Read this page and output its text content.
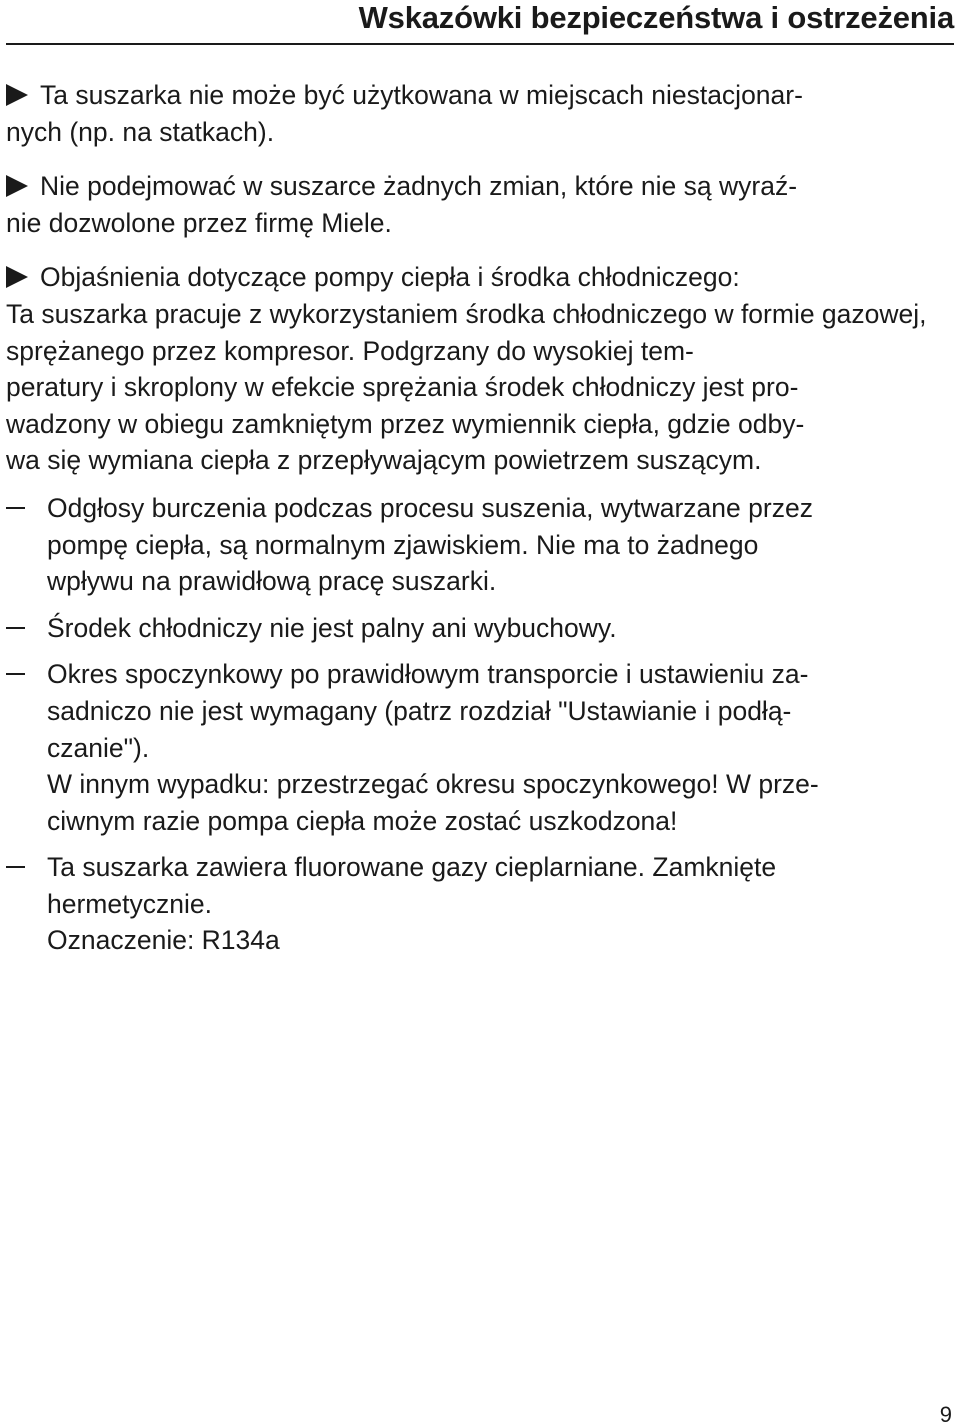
Wskazówki bezpieczeństwa i ostrzeżenia

Ta suszarka nie może być użytkowana w miejscach niestacjonar-
nych (np. na statkach).

Nie podejmować w suszarce żadnych zmian, które nie są wyraź-
nie dozwolone przez firmę Miele.

Objaśnienia dotyczące pompy ciepła i środka chłodniczego:
Ta suszarka pracuje z wykorzystaniem środka chłodniczego w formie gazowej, sprężanego przez kompresor. Podgrzany do wysokiej tem-
peratury i skroplony w efekcie sprężania środek chłodniczy jest pro-
wadzony w obiegu zamkniętym przez wymiennik ciepła, gdzie odby-
wa się wymiana ciepła z przepływającym powietrzem suszącym.

Odgłosy burczenia podczas procesu suszenia, wytwarzane przez
pompę ciepła, są normalnym zjawiskiem. Nie ma to żadnego
wpływu na prawidłową pracę suszarki.

Środek chłodniczy nie jest palny ani wybuchowy.

Okres spoczynkowy po prawidłowym transporcie i ustawieniu za-
sadniczo nie jest wymagany (patrz rozdział "Ustawianie i podłą-
czanie").
W innym wypadku: przestrzegać okresu spoczynkowego! W prze-
ciwnym razie pompa ciepła może zostać uszkodzona!

Ta suszarka zawiera fluorowane gazy cieplarniane. Zamknięte
hermetycznie.
Oznaczenie: R134a

9
